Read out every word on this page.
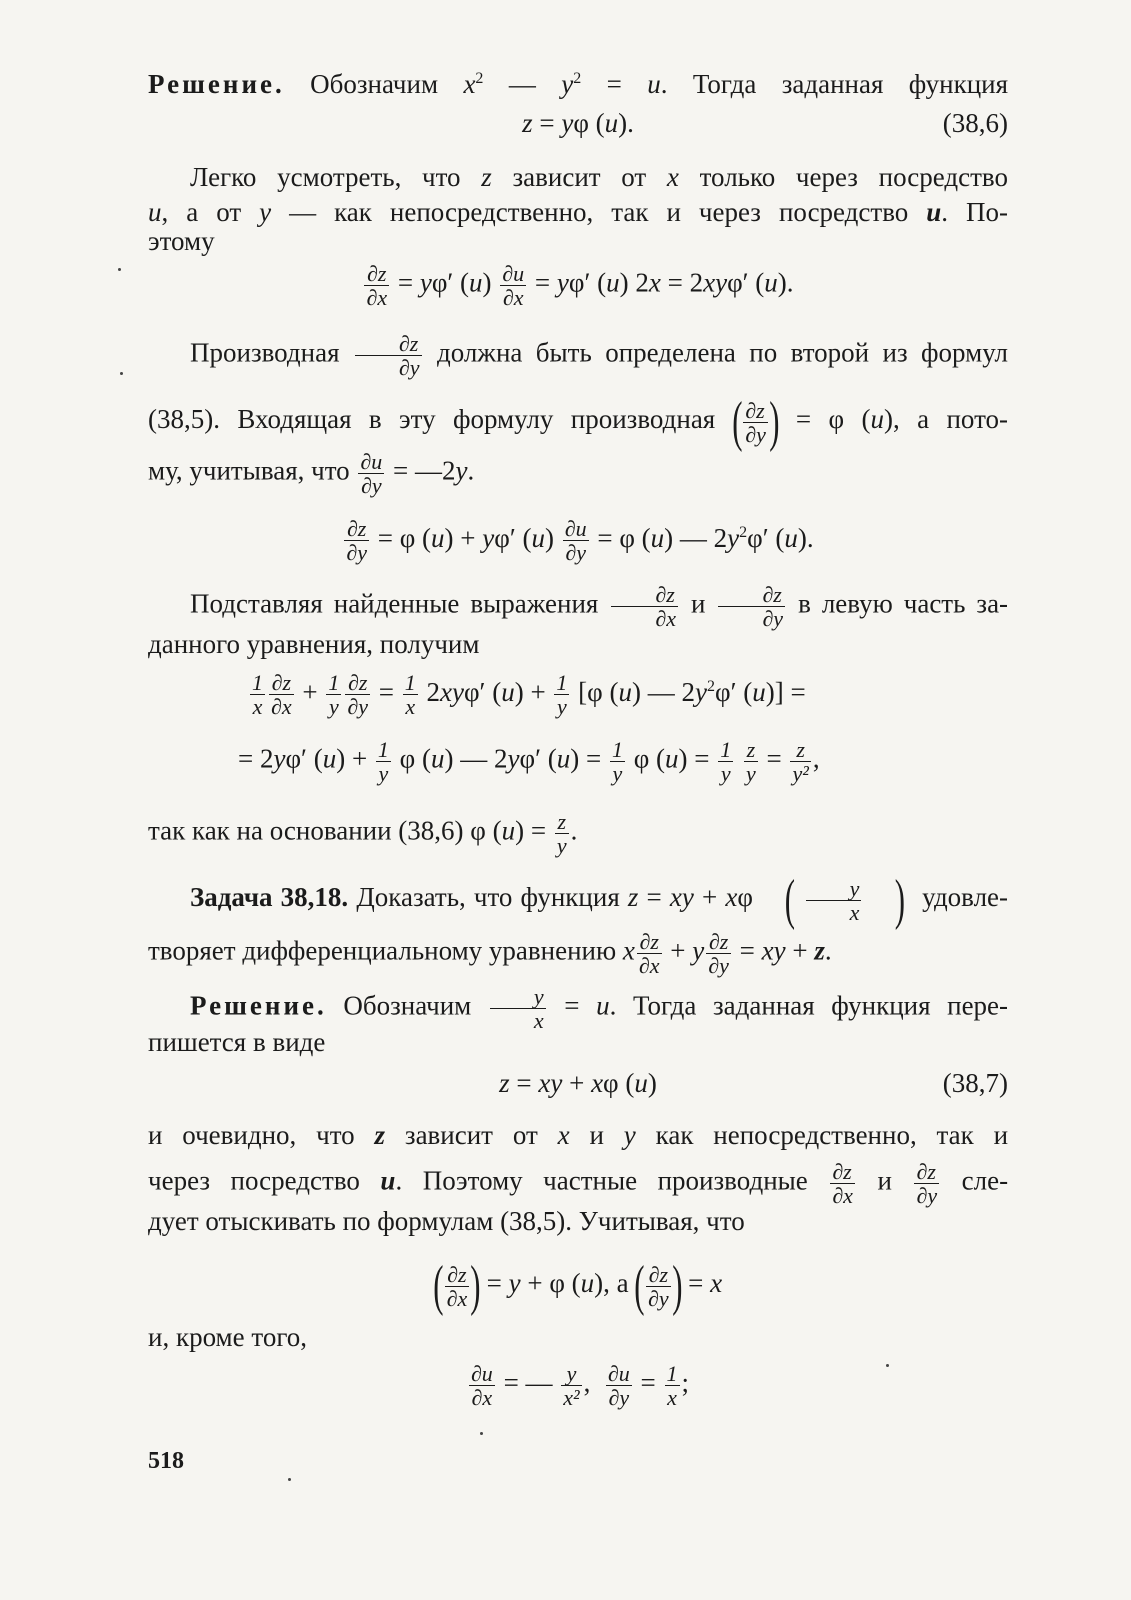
Решение. Обозначим $x^2$ — $y^2 = u$. Тогда заданная функция
z = yφ (u).	(38,6)
Легко усмотреть, что z зависит от x только через посредство
u, а от y — как непосредственно, так и через посредство u. По-
этому
$\frac{\partial z}{\partial x} = y\varphi'$ $(u) \frac{\partial u}{\partial x} = y\varphi'$ (u) 2x = 2xyφ′ (u).
Производная $\frac{\partial z}{\partial y}$ должна быть определена по второй из формул
(38,5). Входящая в эту формулу производная ( $\frac{\partial z}{\partial y}$ ) = φ (u), а пото-
му, учитывая, что $\frac{\partial u}{\partial y}$ = —2y.
$\frac{\partial z}{\partial y} = \varphi$ (u) + yφ′ $(u) \frac{\partial u}{\partial y} = \varphi$ (u) — $2y^2\varphi'$ (u).
Подставляя найденные выражения $\frac{\partial z}{\partial x}$ и $\frac{\partial z}{\partial y}$ в левую часть за-
данного уравнения, получим
$\frac{1}{x} \frac{\partial z}{\partial x} + \frac{1}{y} \frac{\partial z}{\partial y} = \frac{1}{x} 2xy\varphi'$ $(u) + \frac{1}{y} [\varphi$ (u) — $2y^2\varphi'$ (u)] =
= 2yφ′ $(u) + \frac{1}{y}$ φ (u) — 2yφ′ $(u) = \frac{1}{y}$ φ $(u) = \frac{1}{y}$
$\frac{z}{y} = \frac{z}{\text{y²}}$ ,
так как на основании (38,6) φ $(u) = \frac{z}{y}$ .
Задача 38,18. Доказать, что функция z = xy + xφ ( $\frac{y}{x}$ ) удовле-
творяет дифференциальному уравнению x $\frac{\partial z}{\partial x} + y \frac{\partial z}{\partial y}$ = xy + z.
Решение. Обозначим $\frac{y}{x} = u$. Тогда заданная функция пере-
пишется в виде
z = xy + xφ (u)	(38,7)
и очевидно, что z зависит от x и y как непосредственно, так и
через посредство u. Поэтому частные производные $\frac{\partial z}{\partial x}$ и $\frac{\partial z}{\partial y} сле-$
дует отыскивать по формулам (38,5). Учитывая, что
( $\frac{\partial z}{\partial x}$ ) = y + φ (u), а ( $\frac{\partial z}{\partial y}$ ) = x
и, кроме того,
$\frac{\partial u}{\partial x}$ = — $\frac{y}{\text{x²}}$ , $\frac{\partial u}{\partial y} = \frac{1}{x}$ ;
518
